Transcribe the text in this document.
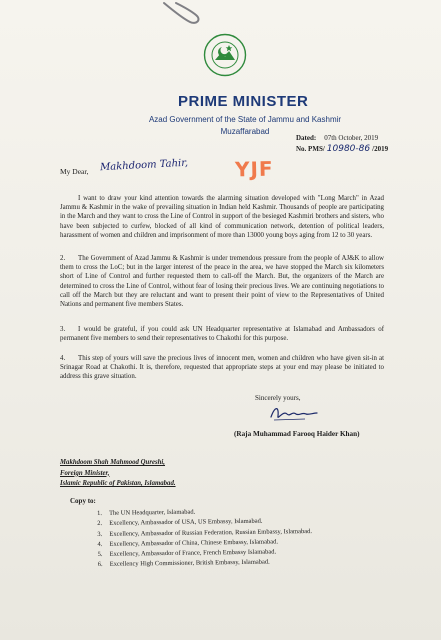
PRIME MINISTER
Azad Government of the State of Jammu and Kashmir
Muzaffarabad
Dated: 07th October, 2019
No. PMS/ 10980-86 /2019
My Dear, Makhdoom Tahir, YJF
I want to draw your kind attention towards the alarming situation developed with "Long March" in Azad Jammu & Kashmir in the wake of prevailing situation in Indian held Kashmir. Thousands of people are participating in the March and they want to cross the Line of Control in support of the besieged Kashmiri brothers and sisters, who have been subjected to curfew, blocked of all kind of communication network, detention of political leaders, harassment of women and children and imprisonment of more than 13000 young boys aging from 12 to 30 years.
2. The Government of Azad Jammu & Kashmir is under tremendous pressure from the people of AJ&K to allow them to cross the LoC; but in the larger interest of the peace in the area, we have stopped the March six kilometers short of Line of Control and further requested them to call-off the March. But, the organizers of the March are determined to cross the Line of Control, without fear of losing their precious lives. We are continuing negotiations to call off the March but they are reluctant and want to present their point of view to the Representatives of United Nations and permanent five members States.
3. I would be grateful, if you could ask UN Headquarter representative at Islamabad and Ambassadors of permanent five members to send their representatives to Chakothi for this purpose.
4. This step of yours will save the precious lives of innocent men, women and children who have given sit-in at Srinagar Road at Chakothi. It is, therefore, requested that appropriate steps at your end may please be initiated to address this grave situation.
Sincerely yours,
(Raja Muhammad Farooq Haider Khan)
Makhdoom Shah Mahmood Qureshi,
Foreign Minister,
Islamic Republic of Pakistan, Islamabad.
Copy to:
1. The UN Headquarter, Islamabad.
2. Excellency, Ambassador of USA, US Embassy, Islamabad.
3. Excellency, Ambassador of Russian Federation, Russian Embassy, Islamabad.
4. Excellency, Ambassador of China, Chinese Embassy, Islamabad.
5. Excellency, Ambassador of France, French Embassy Islamabad.
6. Excellency High Commissioner, British Embassy, Islamabad.
